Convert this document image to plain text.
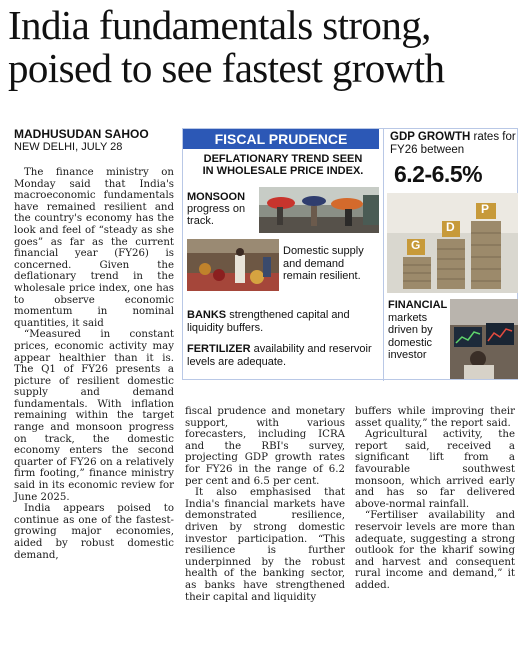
India fundamentals strong, poised to see fastest growth
MADHUSUDAN SAHOO
NEW DELHI, JULY 28

The finance ministry on Monday said that India's macroeconomic fundamentals have remained resilient and the country's economy has the look and feel of “steady as she goes” as far as the current financial year (FY26) is concerned. Given the deflationary trend in the wholesale price index, one has to observe economic momentum in nominal quantities, it said

“Measured in constant prices, economic activity may appear healthier than it is. The Q1 of FY26 presents a picture of resilient domestic supply and demand fundamentals. With inflation remaining within the target range and monsoon progress on track, the domestic economy enters the second quarter of FY26 on a relatively firm footing,” finance ministry said in its economic review for June 2025.

India appears poised to continue as one of the fastest-growing major economies, aided by robust domestic demand,

FISCAL PRUDENCE
DEFLATIONARY TREND SEEN IN WHOLESALE PRICE INDEX.
MONSOON
progress on track.
Domestic supply and demand remain resilient.
BANKS strengthened capital and liquidity buffers.
FERTILIZER availability and reservoir levels are adequate.
GDP GROWTH rates for FY26 between
6.2-6.5%
G
D
P
FINANCIAL markets driven by domestic investor

fiscal prudence and monetary support, with various forecasters, including ICRA and the RBI's survey, projecting GDP growth rates for FY26 in the range of 6.2 per cent and 6.5 per cent.

It also emphasised that India's financial markets have demonstrated resilience, driven by strong domestic investor participation. “This resilience is further underpinned by the robust health of the banking sector, as banks have strengthened their capital and liquidity

buffers while improving their asset quality,” the report said.

Agricultural activity, the report said, received a significant lift from a favourable southwest monsoon, which arrived early and has so far delivered above-normal rainfall.

“Fertiliser availability and reservoir levels are more than adequate, suggesting a strong outlook for the kharif sowing and harvest and consequent rural income and demand,” it added.
